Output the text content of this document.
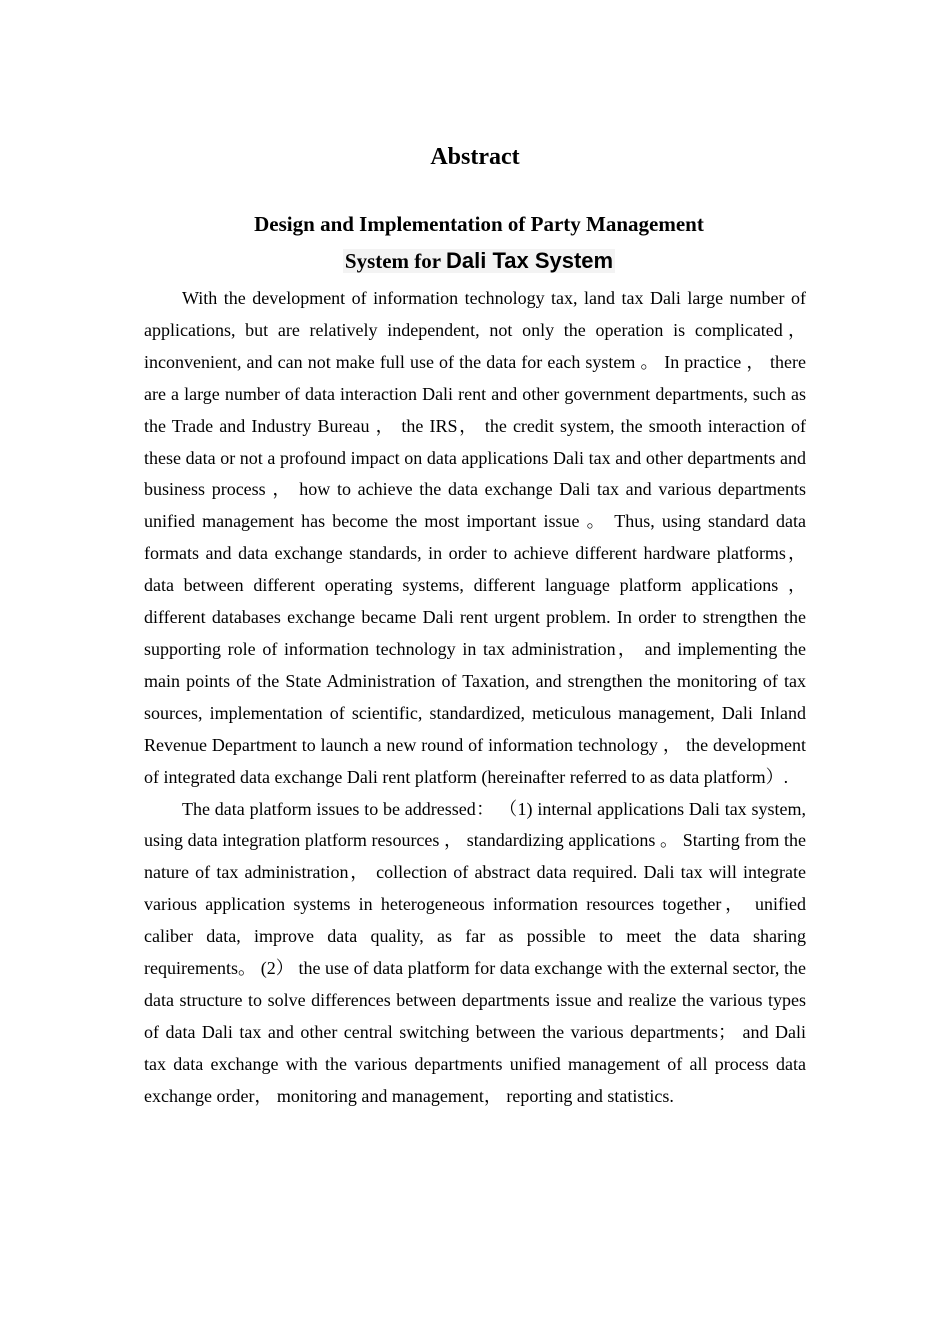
Abstract
Design and Implementation of Party Management
System for Dali Tax System

With the development of information technology tax, land tax Dali large number of applications, but are relatively independent, not only the operation is complicated， inconvenient, and can not make full use of the data for each system 。 In practice ， there are a large number of data interaction Dali rent and other government departments, such as the Trade and Industry Bureau ， the IRS， the credit system, the smooth interaction of these data or not a profound impact on data applications Dali tax and other departments and business process ， how to achieve the data exchange Dali tax and various departments unified management has become the most important issue 。 Thus, using standard data formats and data exchange standards, in order to achieve different hardware platforms， data between different operating systems, different language platform applications ， different databases exchange became Dali rent urgent problem. In order to strengthen the supporting role of information technology in tax administration， and implementing the main points of the State Administration of Taxation, and strengthen the monitoring of tax sources, implementation of scientific, standardized, meticulous management, Dali Inland Revenue Department to launch a new round of information technology ， the development of integrated data exchange Dali rent platform (hereinafter referred to as data platform）.

The data platform issues to be addressed： （1) internal applications Dali tax system, using data integration platform resources ， standardizing applications 。 Starting from the nature of tax administration， collection of abstract data required. Dali tax will integrate various application systems in heterogeneous information resources together， unified caliber data, improve data quality, as far as possible to meet the data sharing requirements。 (2） the use of data platform for data exchange with the external sector, the data structure to solve differences between departments issue and realize the various types of data Dali tax and other central switching between the various departments； and Dali tax data exchange with the various departments unified management of all process data exchange order， monitoring and management， reporting and statistics.
